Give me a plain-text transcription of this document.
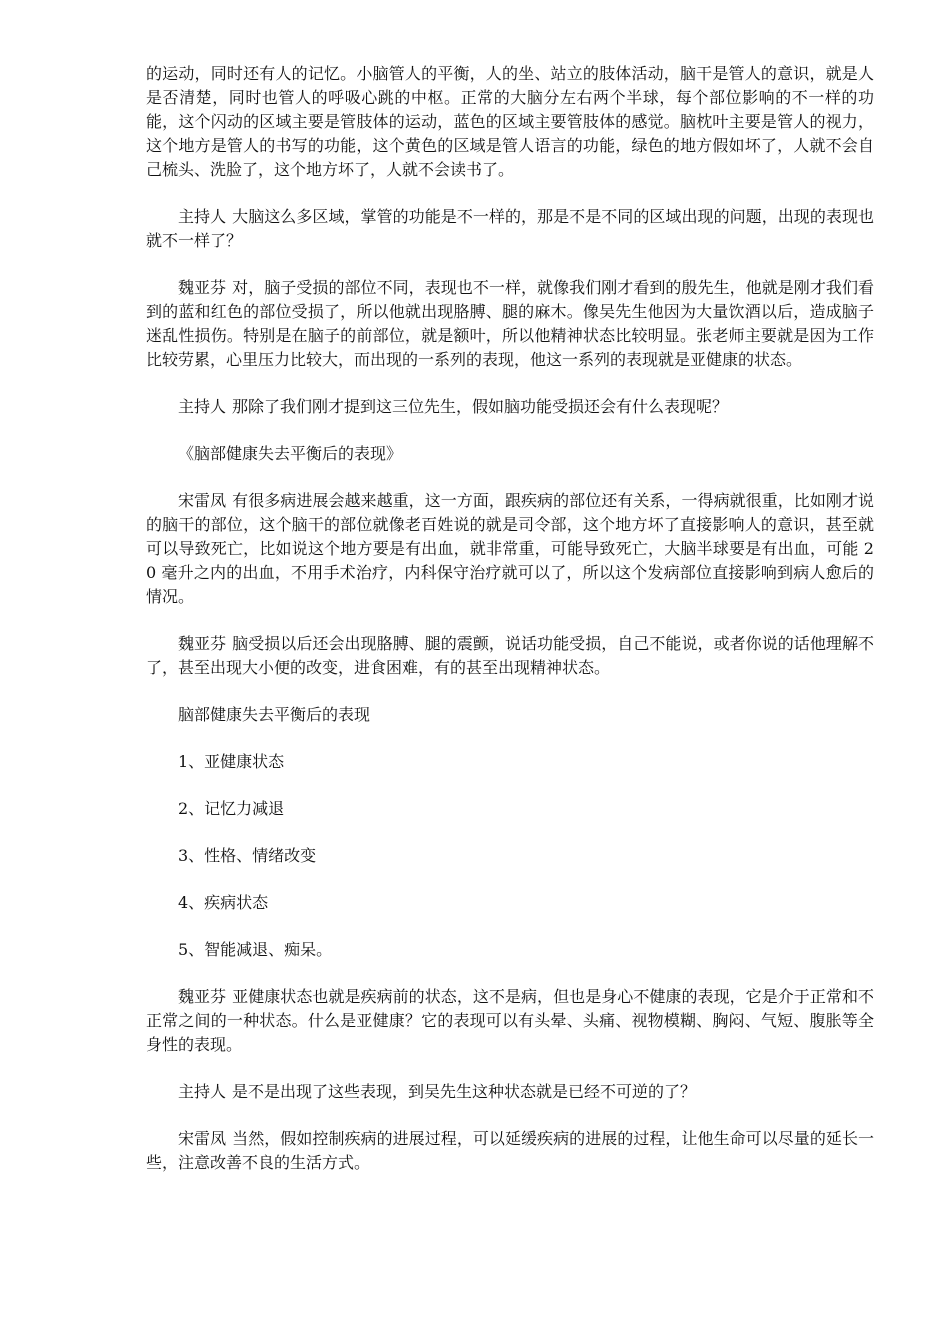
的运动，同时还有人的记忆。小脑管人的平衡，人的坐、站立的肢体活动，脑干是管人的意识，就是人是否清楚，同时也管人的呼吸心跳的中枢。正常的大脑分左右两个半球，每个部位影响的不一样的功能，这个闪动的区域主要是管肢体的运动，蓝色的区域主要管肢体的感觉。脑枕叶主要是管人的视力，这个地方是管人的书写的功能，这个黄色的区域是管人语言的功能，绿色的地方假如坏了，人就不会自己梳头、洗脸了，这个地方坏了，人就不会读书了。

主持人 大脑这么多区域，掌管的功能是不一样的，那是不是不同的区域出现的问题，出现的表现也就不一样了？

魏亚芬 对，脑子受损的部位不同，表现也不一样，就像我们刚才看到的殷先生，他就是刚才我们看到的蓝和红色的部位受损了，所以他就出现胳膊、腿的麻木。像吴先生他因为大量饮酒以后，造成脑子迷乱性损伤。特别是在脑子的前部位，就是额叶，所以他精神状态比较明显。张老师主要就是因为工作比较劳累，心里压力比较大，而出现的一系列的表现，他这一系列的表现就是亚健康的状态。

主持人 那除了我们刚才提到这三位先生，假如脑功能受损还会有什么表现呢？

《脑部健康失去平衡后的表现》

宋雷凤 有很多病进展会越来越重，这一方面，跟疾病的部位还有关系，一得病就很重，比如刚才说的脑干的部位，这个脑干的部位就像老百姓说的就是司令部，这个地方坏了直接影响人的意识，甚至就可以导致死亡，比如说这个地方要是有出血，就非常重，可能导致死亡，大脑半球要是有出血，可能 20 毫升之内的出血，不用手术治疗，内科保守治疗就可以了，所以这个发病部位直接影响到病人愈后的情况。

魏亚芬 脑受损以后还会出现胳膊、腿的震颤，说话功能受损，自己不能说，或者你说的话他理解不了，甚至出现大小便的改变，进食困难，有的甚至出现精神状态。

脑部健康失去平衡后的表现

1、亚健康状态

2、记忆力减退

3、性格、情绪改变

4、疾病状态

5、智能减退、痴呆。

魏亚芬 亚健康状态也就是疾病前的状态，这不是病，但也是身心不健康的表现，它是介于正常和不正常之间的一种状态。什么是亚健康？它的表现可以有头晕、头痛、视物模糊、胸闷、气短、腹胀等全身性的表现。

主持人 是不是出现了这些表现，到吴先生这种状态就是已经不可逆的了？

宋雷凤 当然，假如控制疾病的进展过程，可以延缓疾病的进展的过程，让他生命可以尽量的延长一些，注意改善不良的生活方式。
